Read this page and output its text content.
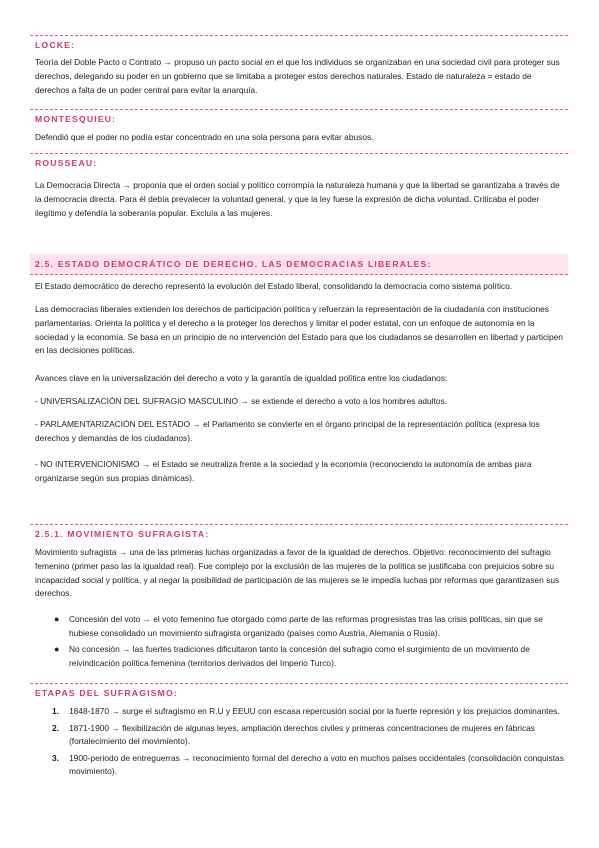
LOCKE:
Teoría del Doble Pacto o Contrato → propuso un pacto social en el que los individuos se organizaban en una sociedad civil para proteger sus derechos, delegando su poder en un gobierno que se limitaba a proteger estos derechos naturales. Estado de naturaleza = estado de derechos a falta de un poder central para evitar la anarquía.
MONTESQUIEU:
Defendió que el poder no podía estar concentrado en una sola persona para evitar abusos.
ROUSSEAU:
La Democracia Directa → proponía que el orden social y político corrompía la naturaleza humana y que la libertad se garantizaba a través de la democracia directa. Para él debía prevalecer la voluntad general, y que la ley fuese la expresión de dicha voluntad. Criticaba el poder ilegítimo y defendía la soberanía popular. Excluía a las mujeres.
2.5. ESTADO DEMOCRÁTICO DE DERECHO. LAS DEMOCRACIAS LIBERALES:
El Estado democrático de derecho representó la evolución del Estado liberal, consolidando la democracia como sistema político.
Las democracias liberales extienden los derechos de participación política y refuerzan la representación de la ciudadanía con instituciones parlamentarias. Orienta la política y el derecho a la proteger los derechos y limitar el poder estatal, con un enfoque de autonomía en la sociedad y la economía. Se basa en un principio de no intervención del Estado para que los ciudadanos se desarrollen en libertad y participen en las decisiones políticas.
Avances clave en la universalización del derecho a voto y la garantía de igualdad política entre los ciudadanos:
- UNIVERSALIZACIÓN DEL SUFRAGIO MASCULINO → se extiende el derecho a voto a los hombres adultos.
- PARLAMENTARIZACIÓN DEL ESTADO → el Parlamento se convierte en el órgano principal de la representación política (expresa los derechos y demandas de los ciudadanos).
- NO INTERVENCIONISMO → el Estado se neutraliza frente a la sociedad y la economía (reconociendo la autonomía de ambas para organizarse según sus propias dinámicas).
2.5.1. MOVIMIENTO SUFRAGISTA:
Movimiento sufragista → una de las primeras luchas organizadas a favor de la igualdad de derechos. Objetivo: reconocimiento del sufragio femenino (primer paso las la igualdad real). Fue complejo por la exclusión de las mujeres de la política se justificaba con prejuicios sobre su incapacidad social y política, y al negar la posibilidad de participación de las mujeres se le impedía luchas por reformas que garantizasen sus derechos.
● Concesión del voto → el voto femenino fue otorgado como parte de las reformas progresistas tras las crisis políticas, sin que se hubiese consolidado un movimiento sufragista organizado (países como Austria, Alemania o Rusia).
● No concesión → las fuertes tradiciones dificultaron tanto la concesión del sufragio como el surgimiento de un movimiento de reivindicación política femenina (territorios derivados del Imperio Turco).
ETAPAS DEL SUFRAGISMO:
1. 1848-1870 → surge el sufragismo en R.U y EEUU con escasa repercusión social por la fuerte represión y los prejuicios dominantes.
2. 1871-1900 → flexibilización de algunas leyes, ampliación derechos civiles y primeras concentraciones de mujeres en fábricas (fortalecimiento del movimiento).
3. 1900-periodo de entreguerras → reconocimiento formal del derecho a voto en muchos países occidentales (consolidación conquistas movimiento).
